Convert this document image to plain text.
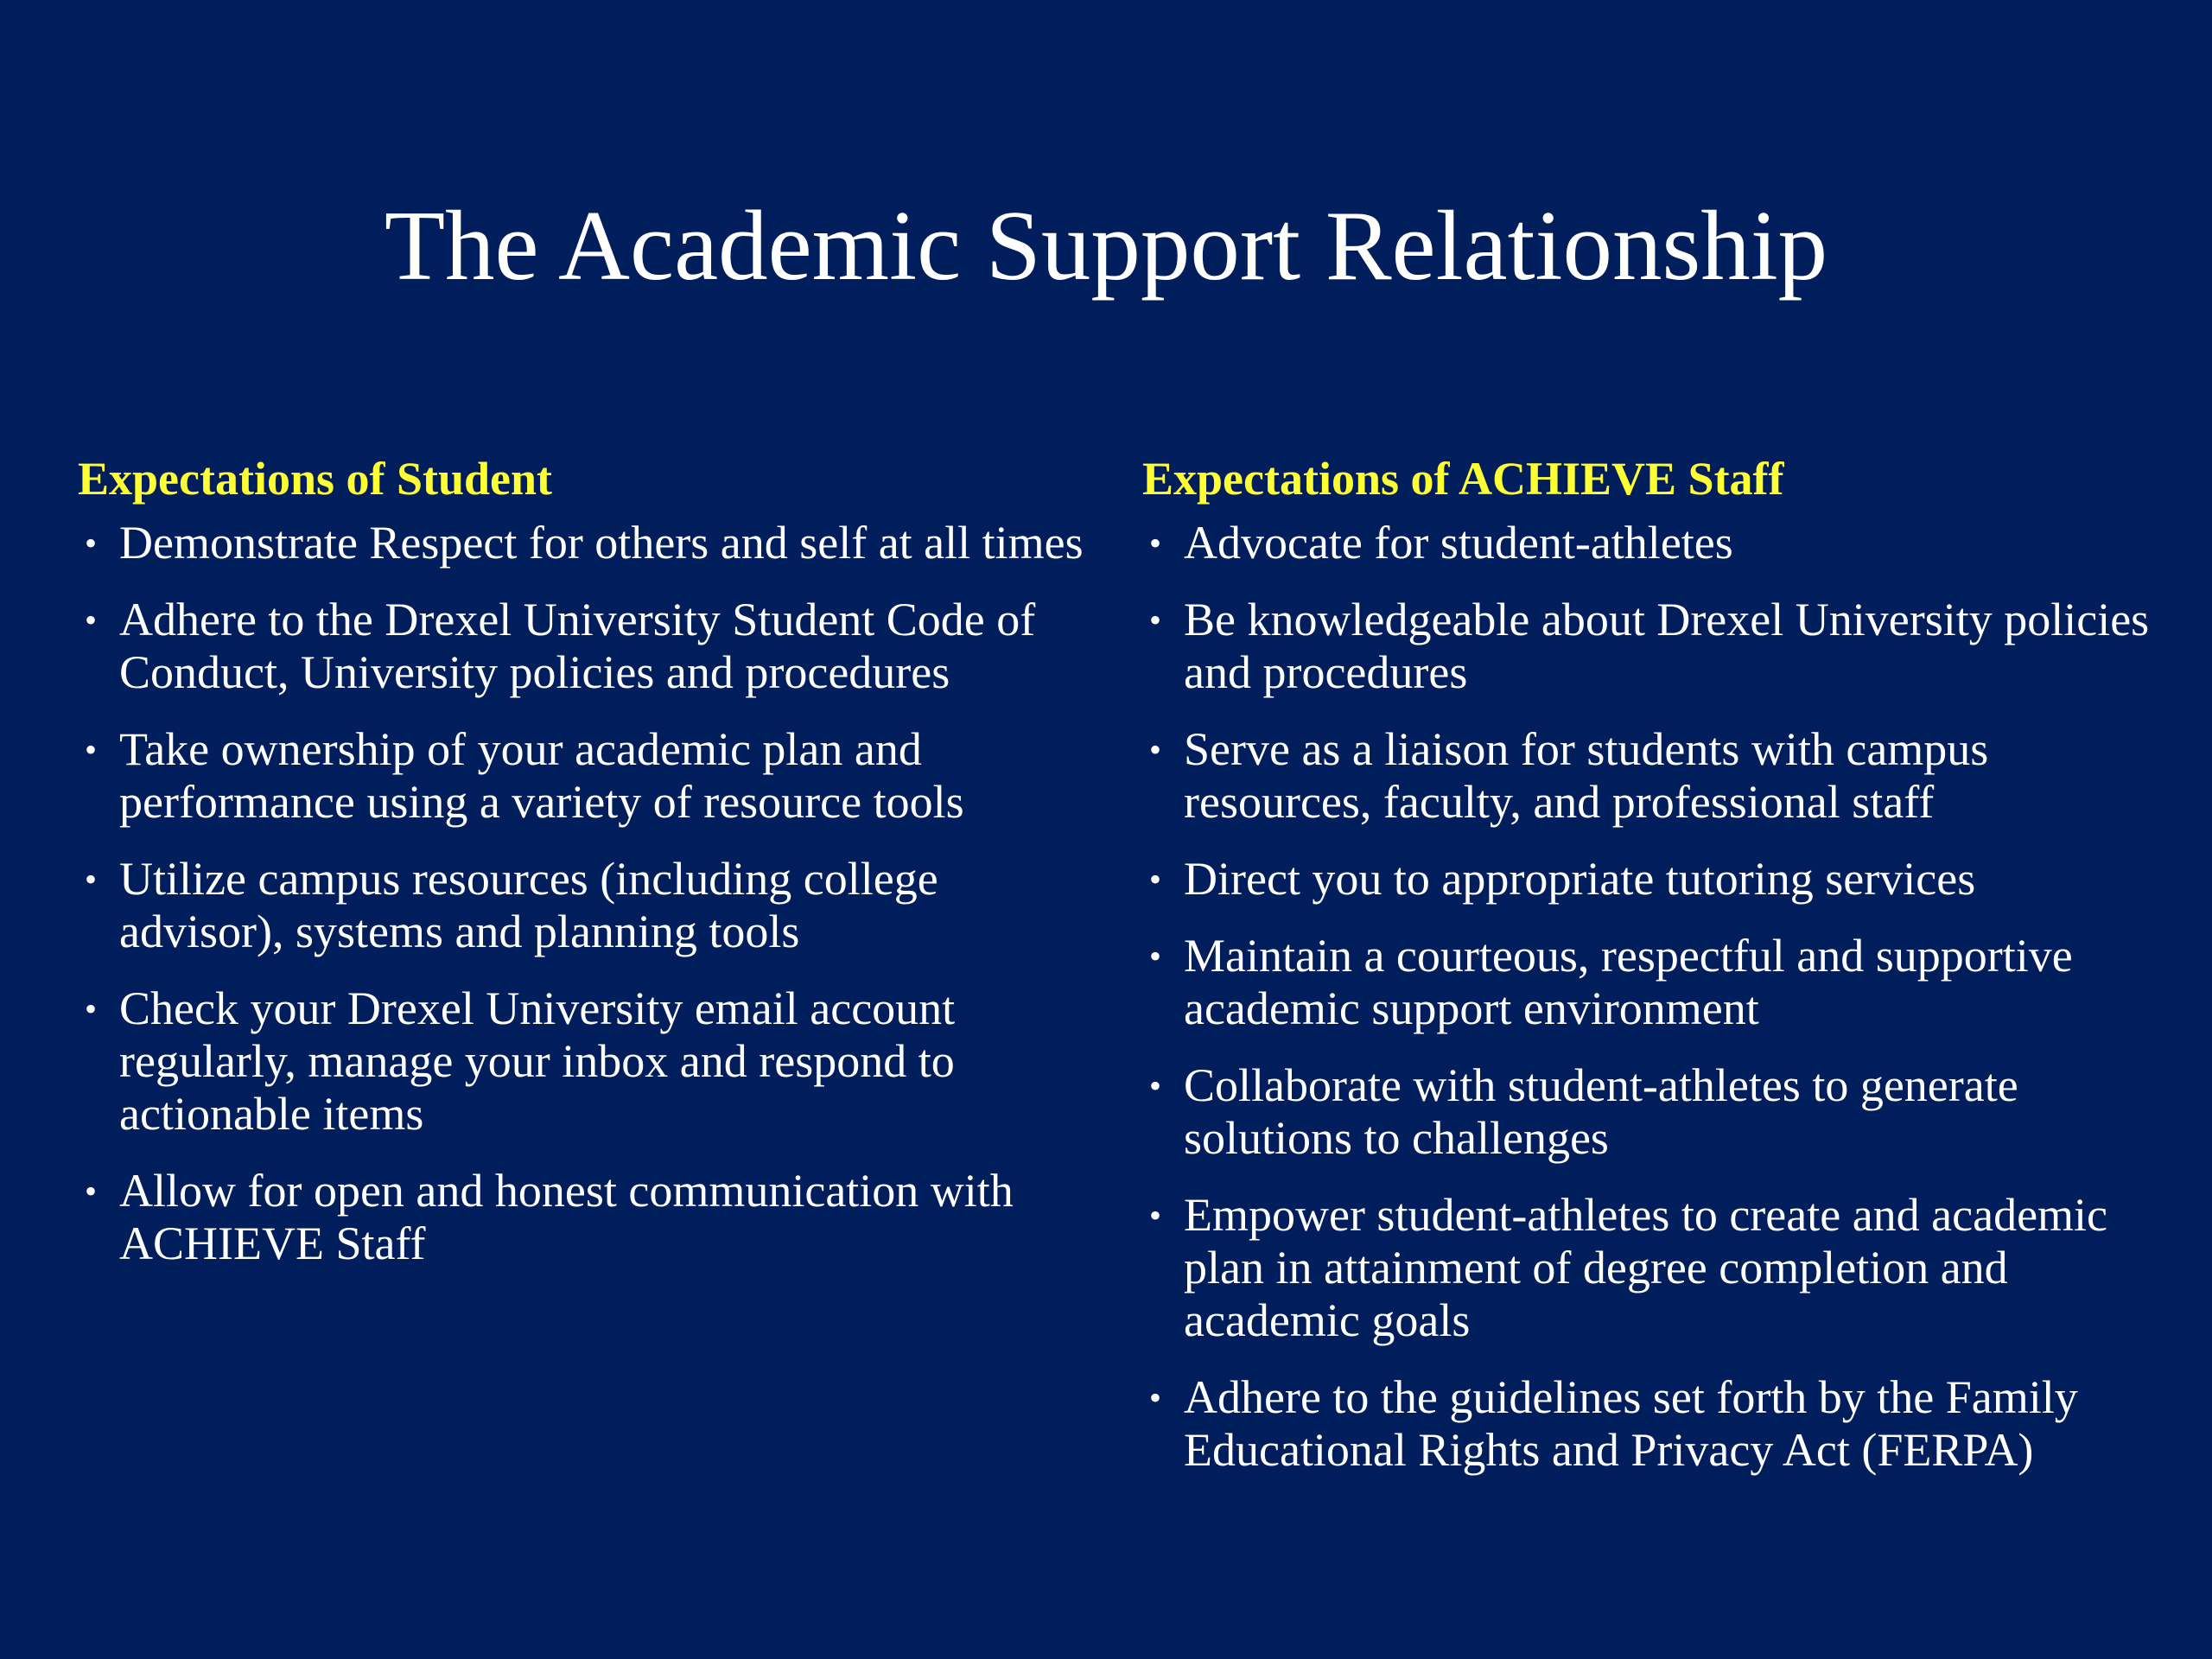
The Academic Support Relationship
Expectations of Student
• Demonstrate Respect for others and self at all times
• Adhere to the Drexel University Student Code of Conduct, University policies and procedures
• Take ownership of your academic plan and performance using a variety of resource tools
• Utilize campus resources (including college advisor), systems and planning tools
• Check your Drexel University email account regularly, manage your inbox and respond to actionable items
• Allow for open and honest communication with ACHIEVE Staff
Expectations of ACHIEVE Staff
• Advocate for student-athletes
• Be knowledgeable about Drexel University policies and procedures
• Serve as a liaison for students with campus resources, faculty, and professional staff
• Direct you to appropriate tutoring services
• Maintain a courteous, respectful and supportive academic support environment
• Collaborate with student-athletes to generate solutions to challenges
• Empower student-athletes to create and academic plan in attainment of degree completion and academic goals
• Adhere to the guidelines set forth by the Family Educational Rights and Privacy Act (FERPA)
